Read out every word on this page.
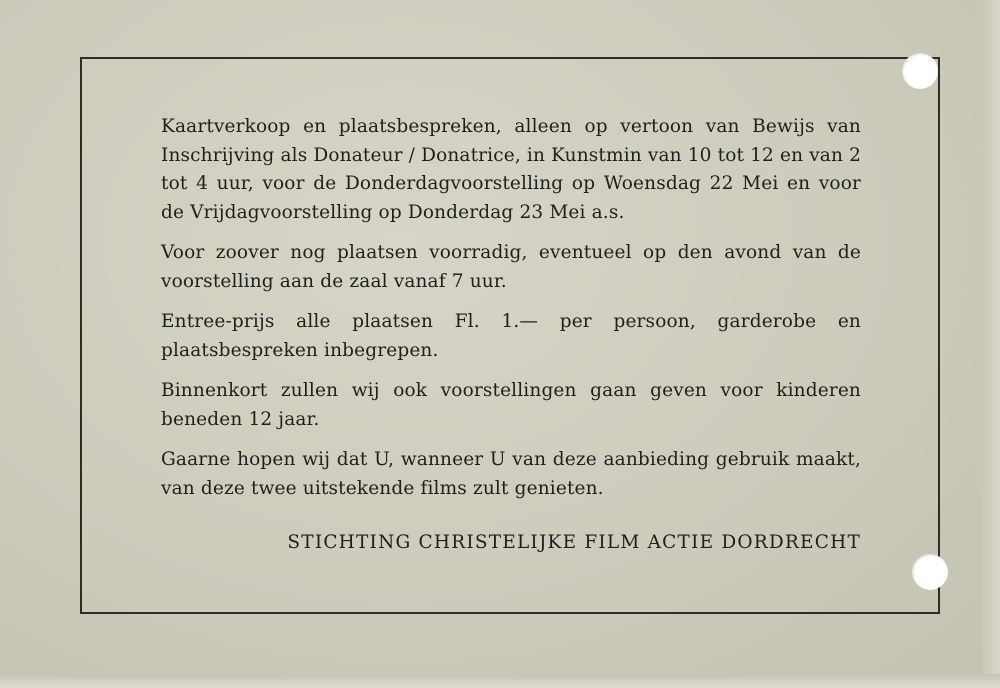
Kaartverkoop en plaatsbespreken, alleen op vertoon van Bewijs van Inschrijving als Donateur / Donatrice, in Kunstmin van 10 tot 12 en van 2 tot 4 uur, voor de Donderdagvoorstelling op Woensdag 22 Mei en voor de Vrijdagvoorstelling op Donderdag 23 Mei a.s.

Voor zoover nog plaatsen voorradig, eventueel op den avond van de voorstelling aan de zaal vanaf 7 uur.

Entree-prijs alle plaatsen Fl. 1.— per persoon, garderobe en plaatsbespreken inbegrepen.

Binnenkort zullen wij ook voorstellingen gaan geven voor kinderen beneden 12 jaar.

Gaarne hopen wij dat U, wanneer U van deze aanbieding gebruik maakt, van deze twee uitstekende films zult genieten.

STICHTING CHRISTELIJKE FILM ACTIE DORDRECHT
